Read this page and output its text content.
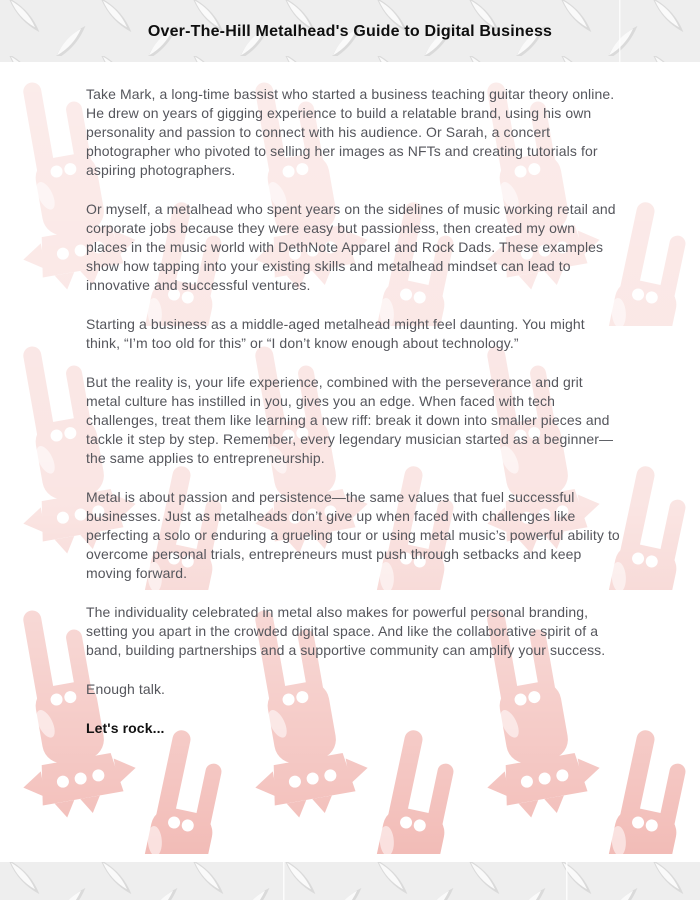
Over-The-Hill Metalhead's Guide to Digital Business

Take Mark, a long-time bassist who started a business teaching guitar theory online. He drew on years of gigging experience to build a relatable brand, using his own personality and passion to connect with his audience. Or Sarah, a concert photographer who pivoted to selling her images as NFTs and creating tutorials for aspiring photographers.

Or myself, a metalhead who spent years on the sidelines of music working retail and corporate jobs because they were easy but passionless, then created my own places in the music world with DethNote Apparel and Rock Dads. These examples show how tapping into your existing skills and metalhead mindset can lead to innovative and successful ventures.

Starting a business as a middle-aged metalhead might feel daunting. You might think, “I’m too old for this” or “I don’t know enough about technology.”

But the reality is, your life experience, combined with the perseverance and grit metal culture has instilled in you, gives you an edge. When faced with tech challenges, treat them like learning a new riff: break it down into smaller pieces and tackle it step by step. Remember, every legendary musician started as a beginner—the same applies to entrepreneurship.

Metal is about passion and persistence—the same values that fuel successful businesses. Just as metalheads don’t give up when faced with challenges like perfecting a solo or enduring a grueling tour or using metal music’s powerful ability to overcome personal trials, entrepreneurs must push through setbacks and keep moving forward.

The individuality celebrated in metal also makes for powerful personal branding, setting you apart in the crowded digital space. And like the collaborative spirit of a band, building partnerships and a supportive community can amplify your success.

Enough talk.

Let's rock...
